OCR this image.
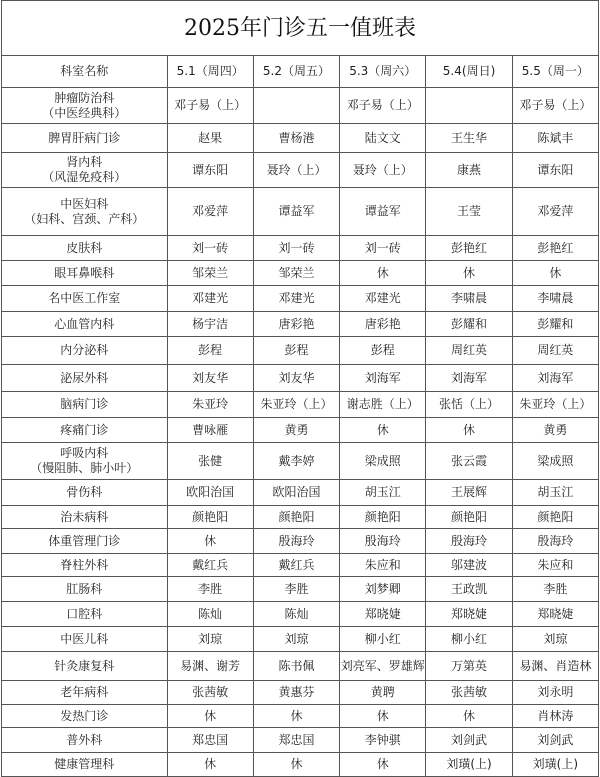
2025年门诊五一值班表
科室名称	5.1（周四）	5.2（周五）	5.3（周六）	5.4(周日)	5.5（周一）

肿瘤防治科
（中医经典科）	邓子易（上）		邓子易（上）		邓子易（上）

脾胃肝病门诊	赵果	曹杨港	陆文文	王生华	陈斌丰

肾内科
（风湿免疫科）	谭东阳	聂玲（上）	聂玲（上）	康燕	谭东阳

中医妇科
（妇科、宫颈、产科）	邓爱萍	谭益军	谭益军	王莹	邓爱萍

皮肤科	刘一砖	刘一砖	刘一砖	彭艳红	彭艳红

眼耳鼻喉科	邹荣兰	邹荣兰	休	休	休

名中医工作室	邓建光	邓建光	邓建光	李啸晨	李啸晨

心血管内科	杨宇洁	唐彩艳	唐彩艳	彭耀和	彭耀和

内分泌科	彭程	彭程	彭程	周红英	周红英

泌尿外科	刘友华	刘友华	刘海军	刘海军	刘海军

脑病门诊	朱亚玲	朱亚玲（上）	谢志胜（上）	张恬（上）	朱亚玲（上）

疼痛门诊	曹咏雁	黄勇	休	休	黄勇

呼吸内科
（慢阻肺、肺小叶）	张健	戴李婷	梁成照	张云霞	梁成照

骨伤科	欧阳治国	欧阳治国	胡玉江	王展辉	胡玉江

治未病科	颜艳阳	颜艳阳	颜艳阳	颜艳阳	颜艳阳

体重管理门诊	休	殷海玲	殷海玲	殷海玲	殷海玲

脊柱外科	戴红兵	戴红兵	朱应和	邬建波	朱应和

肛肠科	李胜	李胜	刘梦卿	王政凯	李胜

口腔科	陈灿	陈灿	郑晓婕	郑晓婕	郑晓婕

中医儿科	刘琼	刘琼	柳小红	柳小红	刘琼

针灸康复科	易渊、谢芳	陈书佩	刘亮军、罗雄辉	万第英	易渊、肖造林

老年病科	张茜敏	黄惠芬	黄聘	张茜敏	刘永明

发热门诊	休	休	休	休	肖林涛

普外科	郑忠国	郑忠国	李钟骐	刘剑武	刘剑武

健康管理科	休	休	休	刘璜(上)	刘璜(上)
